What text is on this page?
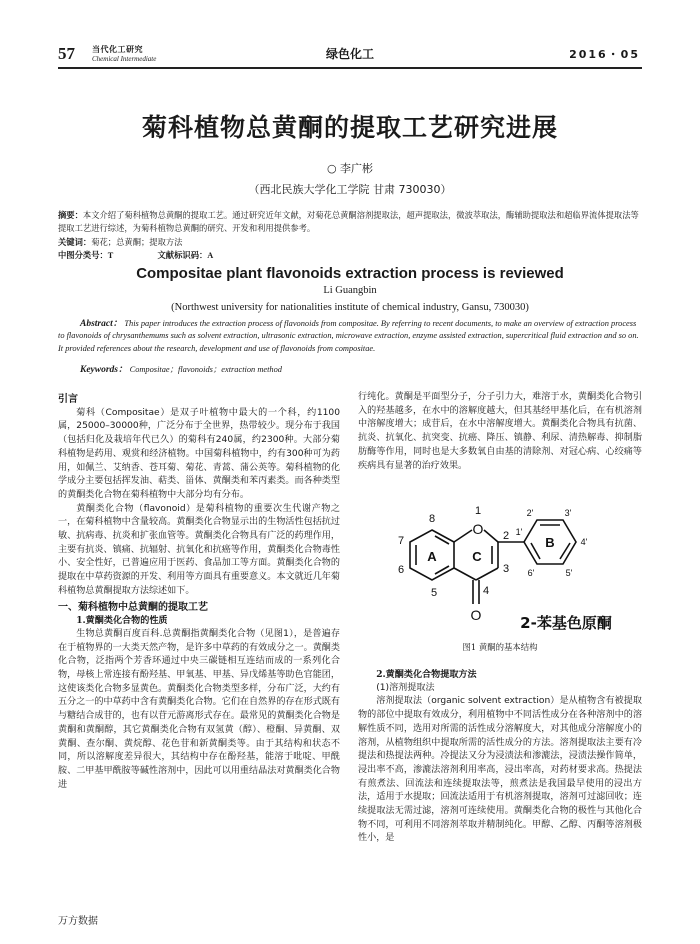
57 当代化工研究
Chemical Intermediate	绿色化工	2016・05
菊科植物总黄酮的提取工艺研究进展
○ 李广彬
（西北民族大学化工学院 甘肃 730030）
摘要：本文介绍了菊科植物总黄酮的提取工艺。通过研究近年文献，对菊花总黄酮溶剂提取法，超声提取法，微波萃取法，酶辅助提取法和超临界流体提取法等提取工艺进行综述，为菊科植物总黄酮的研究、开发和利用提供参考。
关键词：菊花；总黄酮；提取方法
中图分类号：T	文献标识码：A
Compositae plant flavonoids extraction process is reviewed
Li Guangbin
(Northwest university for nationalities institute of chemical industry, Gansu, 730030)
Abstract： This paper introduces the extraction process of flavonoids from compositae. By referring to recent documents, to make an overview of extraction process to flavonoids of chrysanthemums such as solvent extraction, ultrasonic extraction, microwave extraction, enzyme assisted extraction, supercritical fluid extraction and so on. It provided references about the research, development and use of flavonoids from compositae.
Keywords： Compositae；flavonoids；extraction method
引言

菊科（Compositae）是双子叶植物中最大的一个科，约1100属，25000–30000种，广泛分布于全世界，热带较少。现分布于我国（包括归化及栽培年代已久）的菊科有240属，约2300种。大部分菊科植物是药用、观赏和经济植物。中国菊科植物中，约有300种可为药用，如佩兰、艾纳香、苍耳菊、菊花、青蒿、蒲公英等。菊科植物的化学成分主要包括挥发油、萜类、甾体、黄酮类和苯丙素类。而各种类型的黄酮类化合物在菊科植物中大部分均有分布。

黄酮类化合物（flavonoid）是菊科植物的重要次生代谢产物之一，在菊科植物中含量较高。黄酮类化合物显示出的生物活性包括抗过敏、抗病毒、抗炎和扩张血管等。黄酮类化合物具有广泛的药理作用，主要有抗炎、镇痛、抗辐射、抗氧化和抗癌等作用，黄酮类化合物毒性小、安全性好，已普遍应用于医药、食品加工等方面。黄酮类化合物的提取在中草药资源的开发、利用等方面具有重要意义。本文就近几年菊科植物总黄酮提取方法综述如下。

一、菊科植物中总黄酮的提取工艺
1.黄酮类化合物的性质

生物总黄酮百度百科.总黄酮指黄酮类化合物（见图1），是普遍存在于植物界的一大类天然产物，是许多中草药的有效成分之一。黄酮类化合物，泛指两个芳香环通过中央三碳链相互连结而成的一系列化合物，母核上常连接有酚羟基、甲氧基、甲基、异戊烯基等助色官能团，这使该类化合物多显黄色。黄酮类化合物类型多样，分布广泛，大约有五分之一的中草药中含有黄酮类化合物。它们在自然界的存在形式既有与糖结合成苷的，也有以苷元游离形式存在。最常见的黄酮类化合物是黄酮和黄酮醇，其它黄酮类化合物有双氢黄（醇）、橙酮、异黄酮、双黄酮、查尔酮、黄烷醇、花色苷和新黄酮类等。由于其结构和状态不同，所以溶解度差异很大，其结构中存在酚羟基，能溶于吡啶、甲酰胺、二甲基甲酰胺等碱性溶剂中，因此可以用重结晶法对黄酮类化合物进

行纯化。黄酮是平面型分子，分子引力大，难溶于水，黄酮类化合物引入的羟基越多，在水中的溶解度越大，但其基经甲基化后，在有机溶剂中溶解度增大；成苷后，在水中溶解度增大。黄酮类化合物具有抗菌、抗炎、抗氧化、抗突变、抗癌、降压、镇静、利尿、清热解毒、抑制脂肪酶等作用，同时也是大多数氧自由基的清除剂、对冠心病、心绞痛等疾病具有显著的治疗效果。

O
O
A	C
B
1
2
3
4
5
6
7
8
1'
2'	3'
4'
5'
6'
2-苯基色原酮
图1 黄酮的基本结构
2.黄酮类化合物提取方法
(1)溶剂提取法

溶剂提取法（organic solvent extraction）是从植物含有被提取物的部位中提取有效成分，利用植物中不同活性成分在各种溶剂中的溶解性质不同，选用对所需的活性成分溶解度大，对其他成分溶解度小的溶剂，从植物组织中提取所需的活性成分的方法。溶剂提取法主要有冷提法和热提法两种。冷提法又分为浸渍法和渗漉法，浸渍法操作简单，浸出率不高，渗漉法溶剂利用率高，浸出率高，对药材要求高。热提法有煎煮法、回流法和连续提取法等，煎煮法是我国最早使用的浸出方法，适用于水提取；回流法适用于有机溶剂提取，溶剂可过滤回收；连续提取法无需过滤，溶剂可连续使用。黄酮类化合物的极性与其他化合物不同，可利用不同溶剂萃取并精制纯化。甲醇、乙醇、丙酮等溶剂极性小，是

万方数据
